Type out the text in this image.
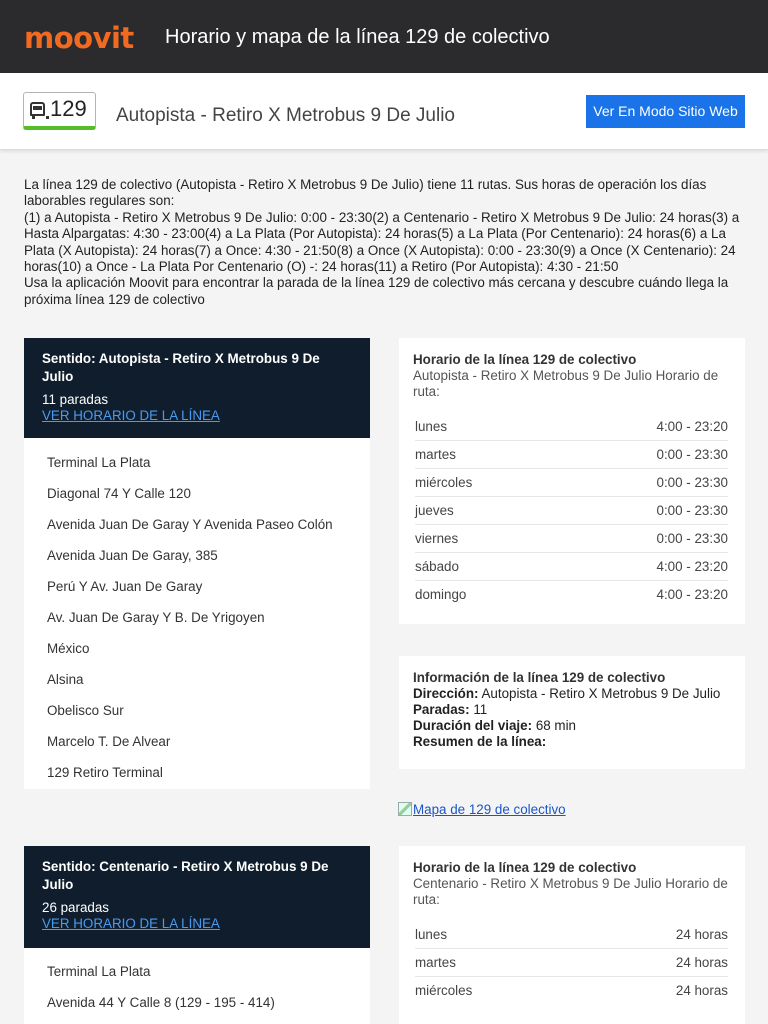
moovit Horario y mapa de la línea 129 de colectivo
129 Autopista - Retiro X Metrobus 9 De Julio	Ver En Modo Sitio Web

La línea 129 de colectivo (Autopista - Retiro X Metrobus 9 De Julio) tiene 11 rutas. Sus horas de operación los días laborables regulares son:

(1) a Autopista - Retiro X Metrobus 9 De Julio: 0:00 - 23:30(2) a Centenario - Retiro X Metrobus 9 De Julio: 24 horas(3) a Hasta Alpargatas: 4:30 - 23:00(4) a La Plata (Por Autopista): 24 horas(5) a La Plata (Por Centenario): 24 horas(6) a La Plata (X Autopista): 24 horas(7) a Once: 4:30 - 21:50(8) a Once (X Autopista): 0:00 - 23:30(9) a Once (X Centenario): 24 horas(10) a Once - La Plata Por Centenario (O) -: 24 horas(11) a Retiro (Por Autopista): 4:30 - 21:50

Usa la aplicación Moovit para encontrar la parada de la línea 129 de colectivo más cercana y descubre cuándo llega la próxima línea 129 de colectivo

Sentido: Autopista - Retiro X Metrobus 9 De Julio
11 paradas
VER HORARIO DE LA LÍNEA
Terminal La Plata
Diagonal 74 Y Calle 120
Avenida Juan De Garay Y Avenida Paseo Colón
Avenida Juan De Garay, 385
Perú Y Av. Juan De Garay
Av. Juan De Garay Y B. De Yrigoyen
México
Alsina
Obelisco Sur
Marcelo T. De Alvear
129 Retiro Terminal
Horario de la línea 129 de colectivo
Autopista - Retiro X Metrobus 9 De Julio Horario de ruta:
lunes	4:00 - 23:20
martes	0:00 - 23:30
miércoles	0:00 - 23:30
jueves	0:00 - 23:30
viernes	0:00 - 23:30
sábado	4:00 - 23:20
domingo	4:00 - 23:20
Información de la línea 129 de colectivo
Dirección: Autopista - Retiro X Metrobus 9 De Julio
Paradas: 11
Duración del viaje: 68 min
Resumen de la línea:
Mapa de 129 de colectivo
Sentido: Centenario - Retiro X Metrobus 9 De Julio
26 paradas
VER HORARIO DE LA LÍNEA
Terminal La Plata
Avenida 44 Y Calle 8 (129 - 195 - 414)
Horario de la línea 129 de colectivo
Centenario - Retiro X Metrobus 9 De Julio Horario de ruta:
lunes	24 horas
martes	24 horas
miércoles	24 horas
